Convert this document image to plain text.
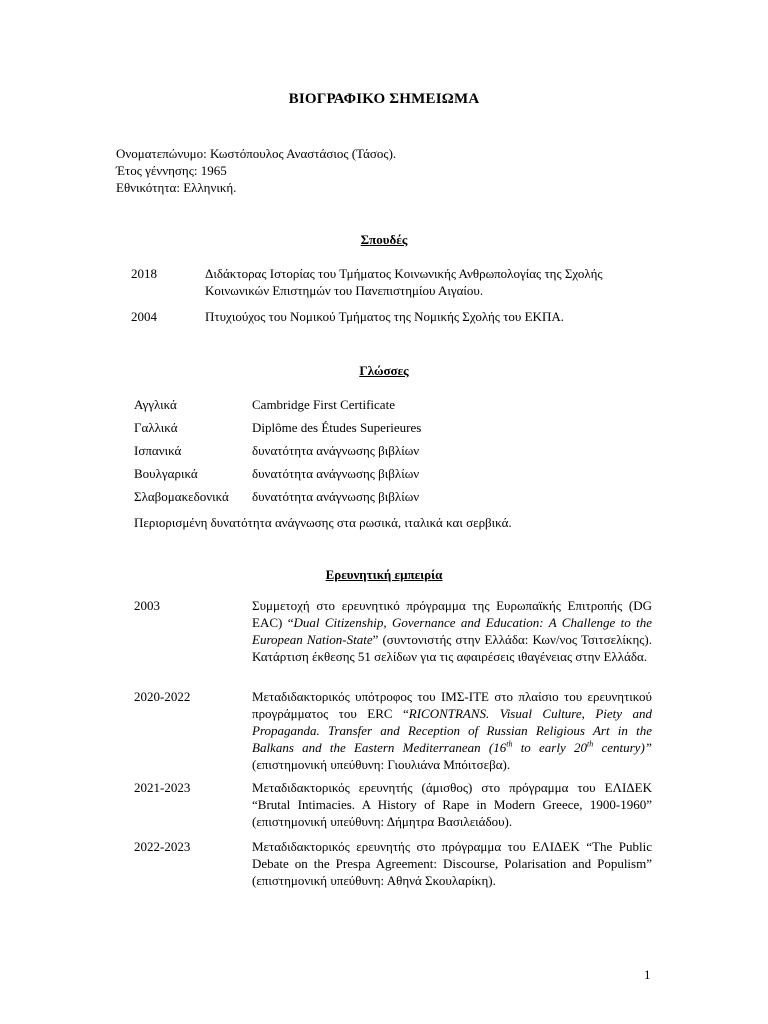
ΒΙΟΓΡΑΦΙΚΟ ΣΗΜΕΙΩΜΑ
Ονοματεπώνυμο: Κωστόπουλος Αναστάσιος (Τάσος).
Έτος γέννησης: 1965
Εθνικότητα: Ελληνική.
Σπουδές
2018	Διδάκτορας Ιστορίας του Τμήματος Κοινωνικής Ανθρωπολογίας της Σχολής Κοινωνικών Επιστημών του Πανεπιστημίου Αιγαίου.
2004	Πτυχιούχος του Νομικού Τμήματος της Νομικής Σχολής του ΕΚΠΑ.
Γλώσσες
Αγγλικά	Cambridge First Certificate
Γαλλικά	Diplôme des Études Superieures
Ισπανικά	δυνατότητα ανάγνωσης βιβλίων
Βουλγαρικά	δυνατότητα ανάγνωσης βιβλίων
Σλαβομακεδονικά δυνατότητα ανάγνωσης βιβλίων
Περιορισμένη δυνατότητα ανάγνωσης στα ρωσικά, ιταλικά και σερβικά.
Ερευνητική εμπειρία
2003	Συμμετοχή στο ερευνητικό πρόγραμμα της Ευρωπαϊκής Επιτροπής (DG EAC) “Dual Citizenship, Governance and Education: A Challenge to the European Nation-State” (συντονιστής στην Ελλάδα: Κων/νος Τσιτσελίκης). Κατάρτιση έκθεσης 51 σελίδων για τις αφαιρέσεις ιθαγένειας στην Ελλάδα.
2020-2022	Μεταδιδακτορικός υπότροφος του ΙΜΣ-ΙΤΕ στο πλαίσιο του ερευνητικού προγράμματος του ERC “RICONTRANS. Visual Culture, Piety and Propaganda. Transfer and Reception of Russian Religious Art in the Balkans and the Eastern Mediterranean (16th to early 20th century)” (επιστημονική υπεύθυνη: Γιουλιάνα Μπόιτσεβα).
2021-2023	Μεταδιδακτορικός ερευνητής (άμισθος) στο πρόγραμμα του ΕΛΙΔΕΚ “Brutal Intimacies. A History of Rape in Modern Greece, 1900-1960” (επιστημονική υπεύθυνη: Δήμητρα Βασιλειάδου).
2022-2023	Μεταδιδακτορικός ερευνητής στο πρόγραμμα του ΕΛΙΔΕΚ “The Public Debate on the Prespa Agreement: Discourse, Polarisation and Populism” (επιστημονική υπεύθυνη: Αθηνά Σκουλαρίκη).
1
